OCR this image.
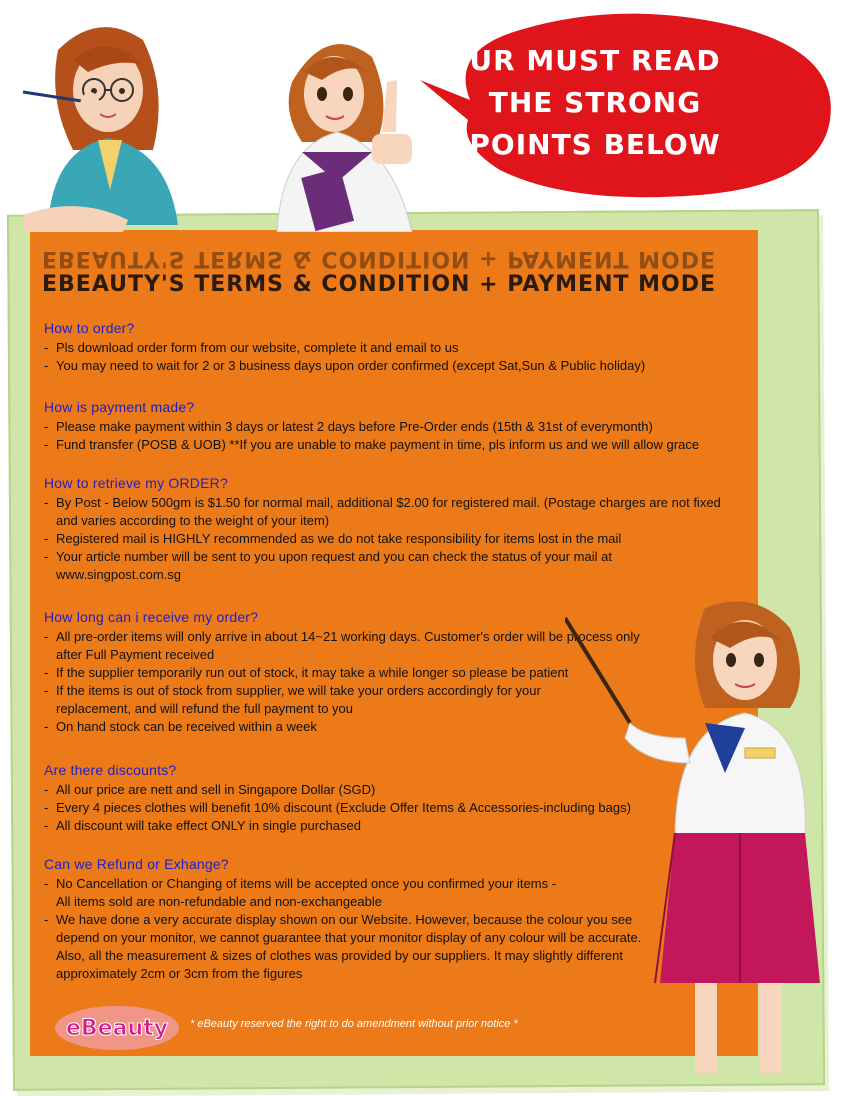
UR MUST READ
THE STRONG
POINTS BELOW
EBEAUTY'S TERMS & CONDITION + PAYMENT MODE
EBEAUTY'S TERMS & CONDITION + PAYMENT MODE
How to order?
- Pls download order form from our website, complete it and email to us
- You may need to wait for 2 or 3 business days upon order confirmed (except Sat,Sun & Public holiday)
How is payment made?
- Please make payment within 3 days or latest 2 days before Pre-Order ends (15th & 31st of everymonth)
- Fund transfer (POSB & UOB) **If you are unable to make payment in time, pls inform us and we will allow grace
How to retrieve my ORDER?
- By Post - Below 500gm is $1.50 for normal mail, additional $2.00 for registered mail. (Postage charges are not fixed
and varies according to the weight of your item)
- Registered mail is HIGHLY recommended as we do not take responsibility for items lost in the mail
- Your article number will be sent to you upon request and you can check the status of your mail at
www.singpost.com.sg
How long can i receive my order?
- All pre-order items will only arrive in about 14~21 working days. Customer's order will be process only
after Full Payment received
- If the supplier temporarily run out of stock, it may take a while longer so please be patient
- If the items is out of stock from supplier, we will take your orders accordingly for your
replacement, and will refund the full payment to you
- On hand stock can be received within a week
Are there discounts?
- All our price are nett and sell in Singapore Dollar (SGD)
- Every 4 pieces clothes will benefit 10% discount (Exclude Offer Items & Accessories-including bags)
- All discount will take effect ONLY in single purchased
Can we Refund or Exhange?
- No Cancellation or Changing of items will be accepted once you confirmed your items -
All items sold are non-refundable and non-exchangeable
- We have done a very accurate display shown on our Website. However, because the colour you see
depend on your monitor, we cannot guarantee that your monitor display of any colour will be accurate.
Also, all the measurement & sizes of clothes was provided by our suppliers. It may slightly different
approximately 2cm or 3cm from the figures
eBeauty * eBeauty reserved the right to do amendment without prior notice *
